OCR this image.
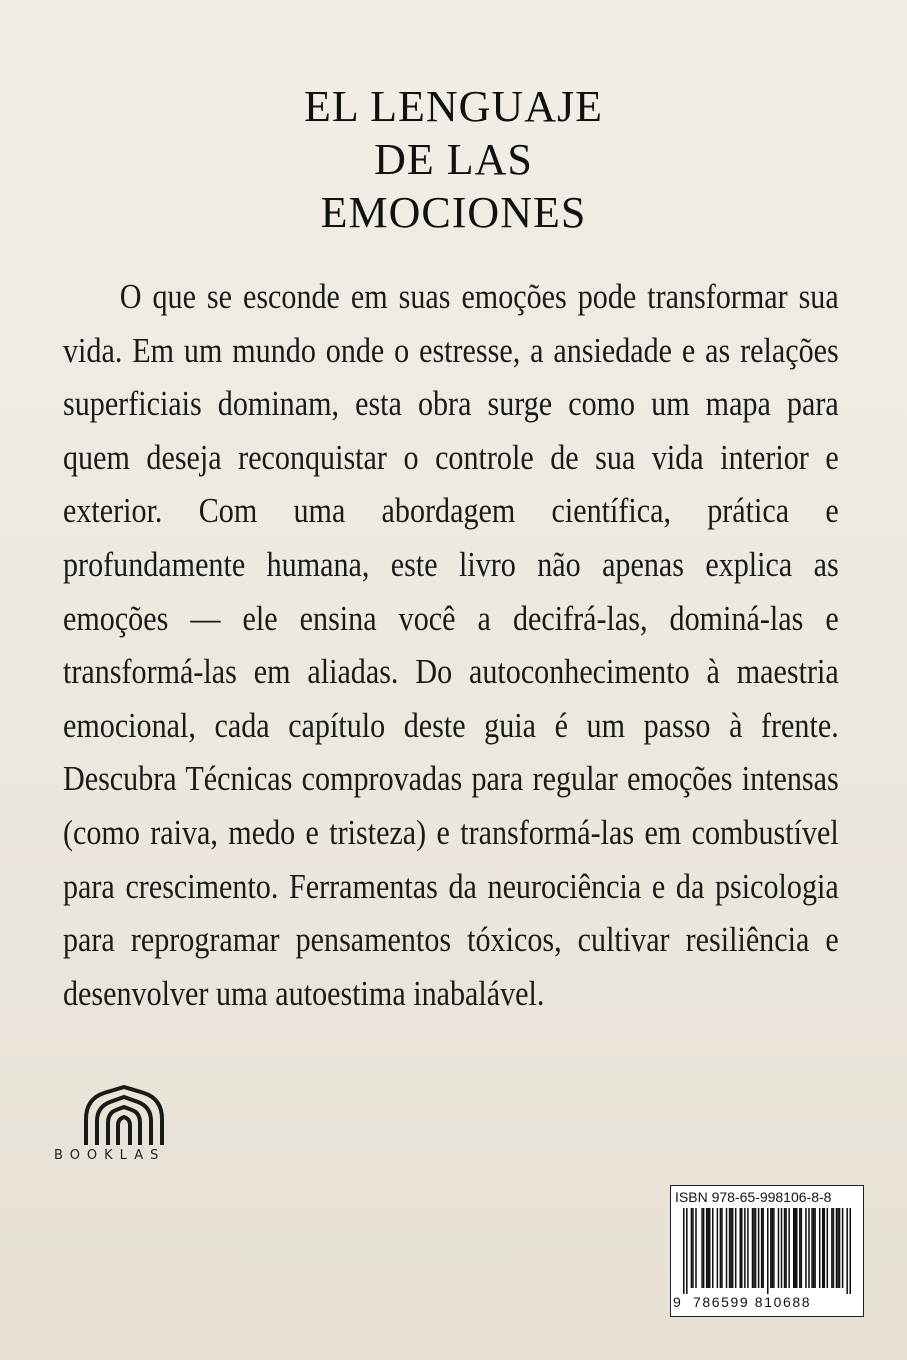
EL LENGUAJE
DE LAS
EMOCIONES
O que se esconde em suas emoções pode transformar sua vida. Em um mundo onde o estresse, a ansiedade e as relações superficiais dominam, esta obra surge como um mapa para quem deseja reconquistar o controle de sua vida interior e exterior. Com uma abordagem científica, prática e profundamente humana, este livro não apenas explica as emoções — ele ensina você a decifrá-las, dominá-las e transformá-las em aliadas. Do autoconhecimento à maestria emocional, cada capítulo deste guia é um passo à frente. Descubra Técnicas comprovadas para regular emoções intensas (como raiva, medo e tristeza) e transformá-las em combustível para crescimento. Ferramentas da neurociência e da psicologia para reprogramar pensamentos tóxicos, cultivar resiliência e desenvolver uma autoestima inabalável.
BOOKLAS
ISBN 978-65-998106-8-8
9 786599 810688
